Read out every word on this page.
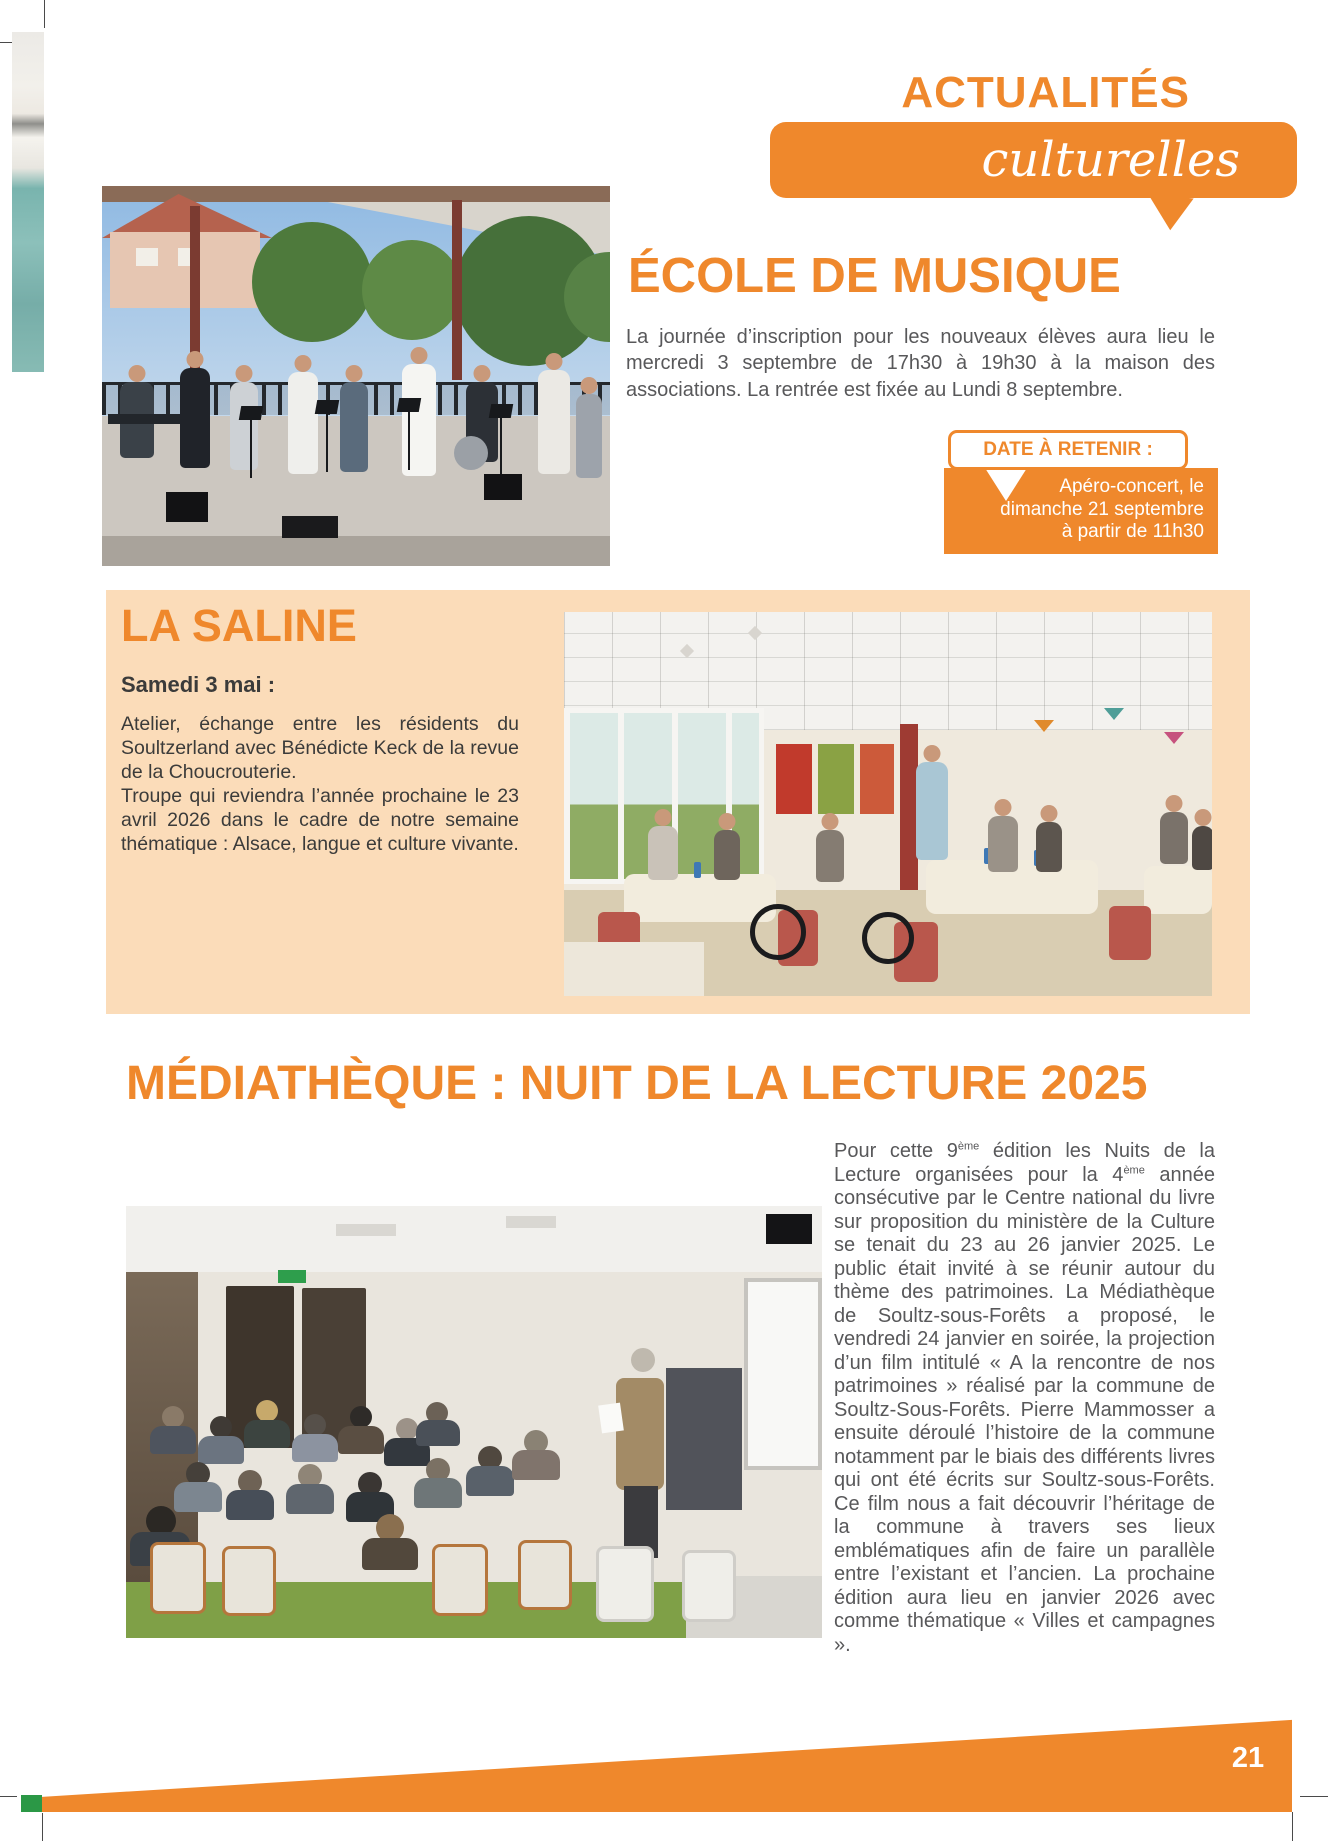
ACTUALITÉS
culturelles
ÉCOLE DE MUSIQUE

La journée d’inscription pour les nouveaux élèves aura lieu le mercredi 3 septembre de 17h30 à 19h30 à la maison des associations. La rentrée est fixée au Lundi 8 septembre.

DATE À RETENIR :
Apéro-concert, le
dimanche 21 septembre
à partir de 11h30
LA SALINE
Samedi 3 mai :

Atelier, échange entre les résidents du Soultzerland avec Bénédicte Keck de la revue de la Choucrouterie.

Troupe qui reviendra l’année prochaine le 23 avril 2026 dans le cadre de notre semaine thématique : Alsace, langue et culture vivante.

MÉDIATHÈQUE : NUIT DE LA LECTURE 2025

Pour cette 9ème édition les Nuits de la Lecture organisées pour la 4ème année consécutive par le Centre national du livre sur proposition du ministère de la Culture se tenait du 23 au 26 janvier 2025. Le public était invité à se réunir autour du thème des patrimoines. La Médiathèque de Soultz-sous-Forêts a proposé, le vendredi 24 janvier en soirée, la projection d’un film intitulé « A la rencontre de nos patrimoines » réalisé par la commune de Soultz-Sous-Forêts. Pierre Mammosser a ensuite déroulé l’histoire de la commune notamment par le biais des différents livres qui ont été écrits sur Soultz-sous-Forêts. Ce film nous a fait découvrir l’héritage de la commune à travers ses lieux emblématiques afin de faire un parallèle entre l’existant et l’ancien. La prochaine édition aura lieu en janvier 2026 avec comme thématique « Villes et campagnes ».

21
